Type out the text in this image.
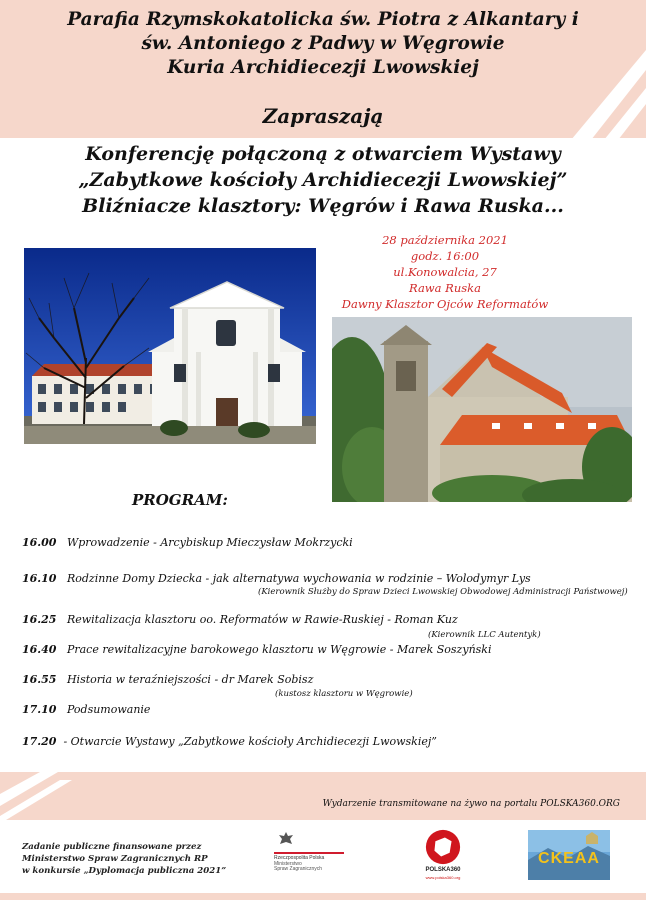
Parafia Rzymskokatolicka św. Piotra z Alkantary i
św. Antoniego z Padwy w Węgrowie
Kuria Archidiecezji Lwowskiej
Zapraszają
Konferencję połączoną z otwarciem Wystawy
„Zabytkowe kościoły Archidiecezji Lwowskiej”
Bliźniacze klasztory: Węgrów i Rawa Ruska...
28 października 2021
godz. 16:00
ul.Konowalcia, 27
Rawa Ruska
Dawny Klasztor Ojców Reformatów
PROGRAM:
16.00 Wprowadzenie - Arcybiskup Mieczysław Mokrzycki
16.10 Rodzinne Domy Dziecka - jak alternatywa wychowania w rodzinie – Wolodymyr Lys
(Kierownik Służby do Spraw Dzieci Lwowskiej Obwodowej Administracji Państwowej)
16.25 Rewitalizacja klasztoru oo. Reformatów w Rawie-Ruskiej - Roman Kuz
(Kierownik LLC Autentyk)
16.40 Prace rewitalizacyjne barokowego klasztoru w Węgrowie - Marek Soszyński
16.55 Historia w teraźniejszości - dr Marek Sobisz
(kustosz klasztoru w Węgrowie)
17.10 Podsumowanie
17.20 - Otwarcie Wystawy „Zabytkowe kościoły Archidiecezji Lwowskiej”
Wydarzenie transmitowane na żywo na portalu POLSKA360.ORG
Zadanie publiczne finansowane przez
Ministerstwo Spraw Zagranicznych RP
w konkursie „Dyplomacja publiczna 2021”
Rzeczpospolita Polska
Ministerstwo
Spraw Zagranicznych	POLSKA360
www.polska360.org
CKEAA
